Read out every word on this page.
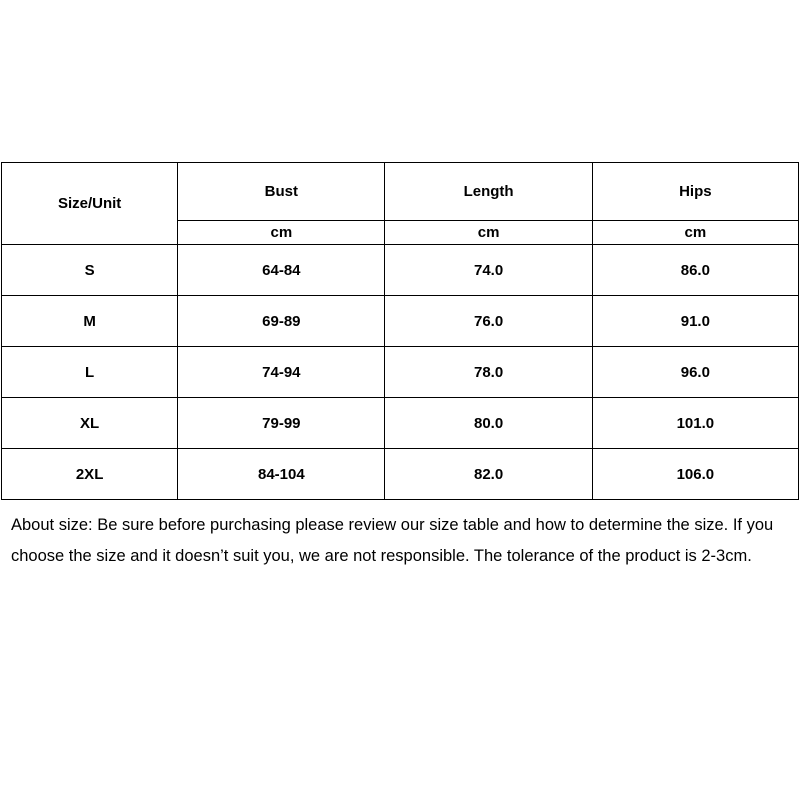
Size/Unit	Bust	Length	Hips
	cm	cm	cm
S	64-84	74.0	86.0
M	69-89	76.0	91.0
L	74-94	78.0	96.0
XL	79-99	80.0	101.0
2XL	84-104	82.0	106.0

About size: Be sure before purchasing please review our size table and how to determine the size. If you choose the size and it doesn’t suit you, we are not responsible. The tolerance of the product is 2-3cm.
